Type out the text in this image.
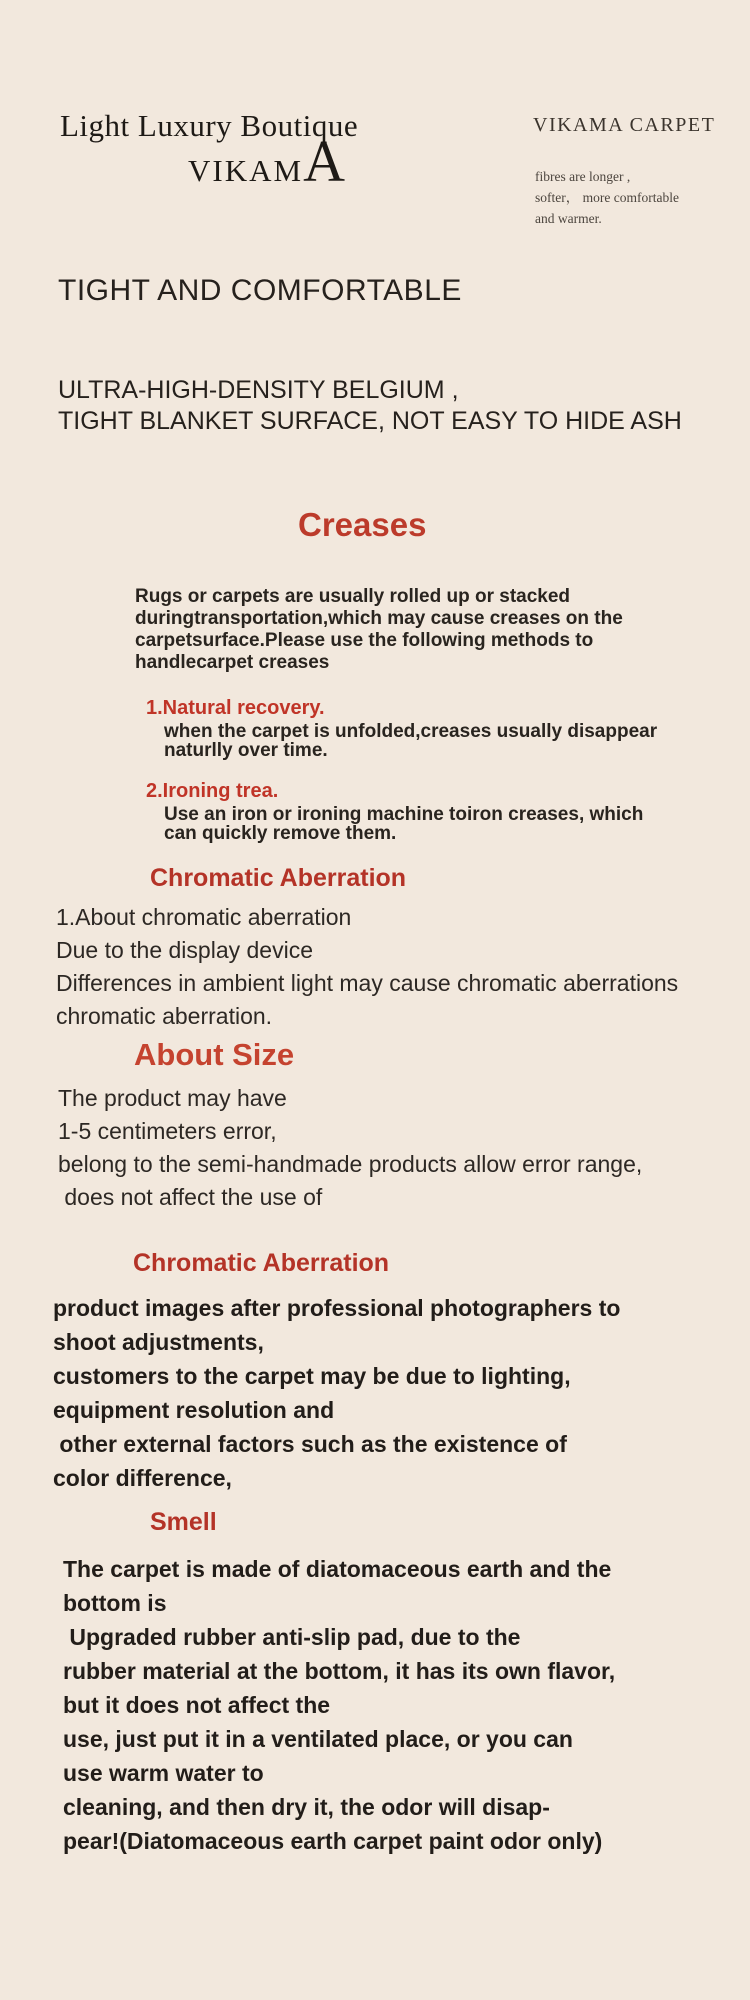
Light Luxury Boutique
VIKAMA
VIKAMA CARPET
fibres are longer ,
softer， more comfortable
and warmer.
TIGHT AND COMFORTABLE
ULTRA-HIGH-DENSITY BELGIUM ,
TIGHT BLANKET SURFACE, NOT EASY TO HIDE ASH
Creases
Rugs or carpets are usually rolled up or stacked
duringtransportation,which may cause creases on the
carpetsurface.Please use the following methods to
handlecarpet creases
1.Natural recovery.
when the carpet is unfolded,creases usually disappear
naturlly over time.
2.Ironing trea.
Use an iron or ironing machine toiron creases, which
can quickly remove them.
Chromatic Aberration
1.About chromatic aberration
Due to the display device
Differences in ambient light may cause chromatic aberrations
chromatic aberration.
About Size
The product may have
1-5 centimeters error,
belong to the semi-handmade products allow error range,
does not affect the use of
Chromatic Aberration
product images after professional photographers to
shoot adjustments,
customers to the carpet may be due to lighting,
equipment resolution and
other external factors such as the existence of
color difference,
Smell
The carpet is made of diatomaceous earth and the
bottom is
Upgraded rubber anti-slip pad, due to the
rubber material at the bottom, it has its own flavor,
but it does not affect the
use, just put it in a ventilated place, or you can
use warm water to
cleaning, and then dry it, the odor will disap-
pear!(Diatomaceous earth carpet paint odor only)
